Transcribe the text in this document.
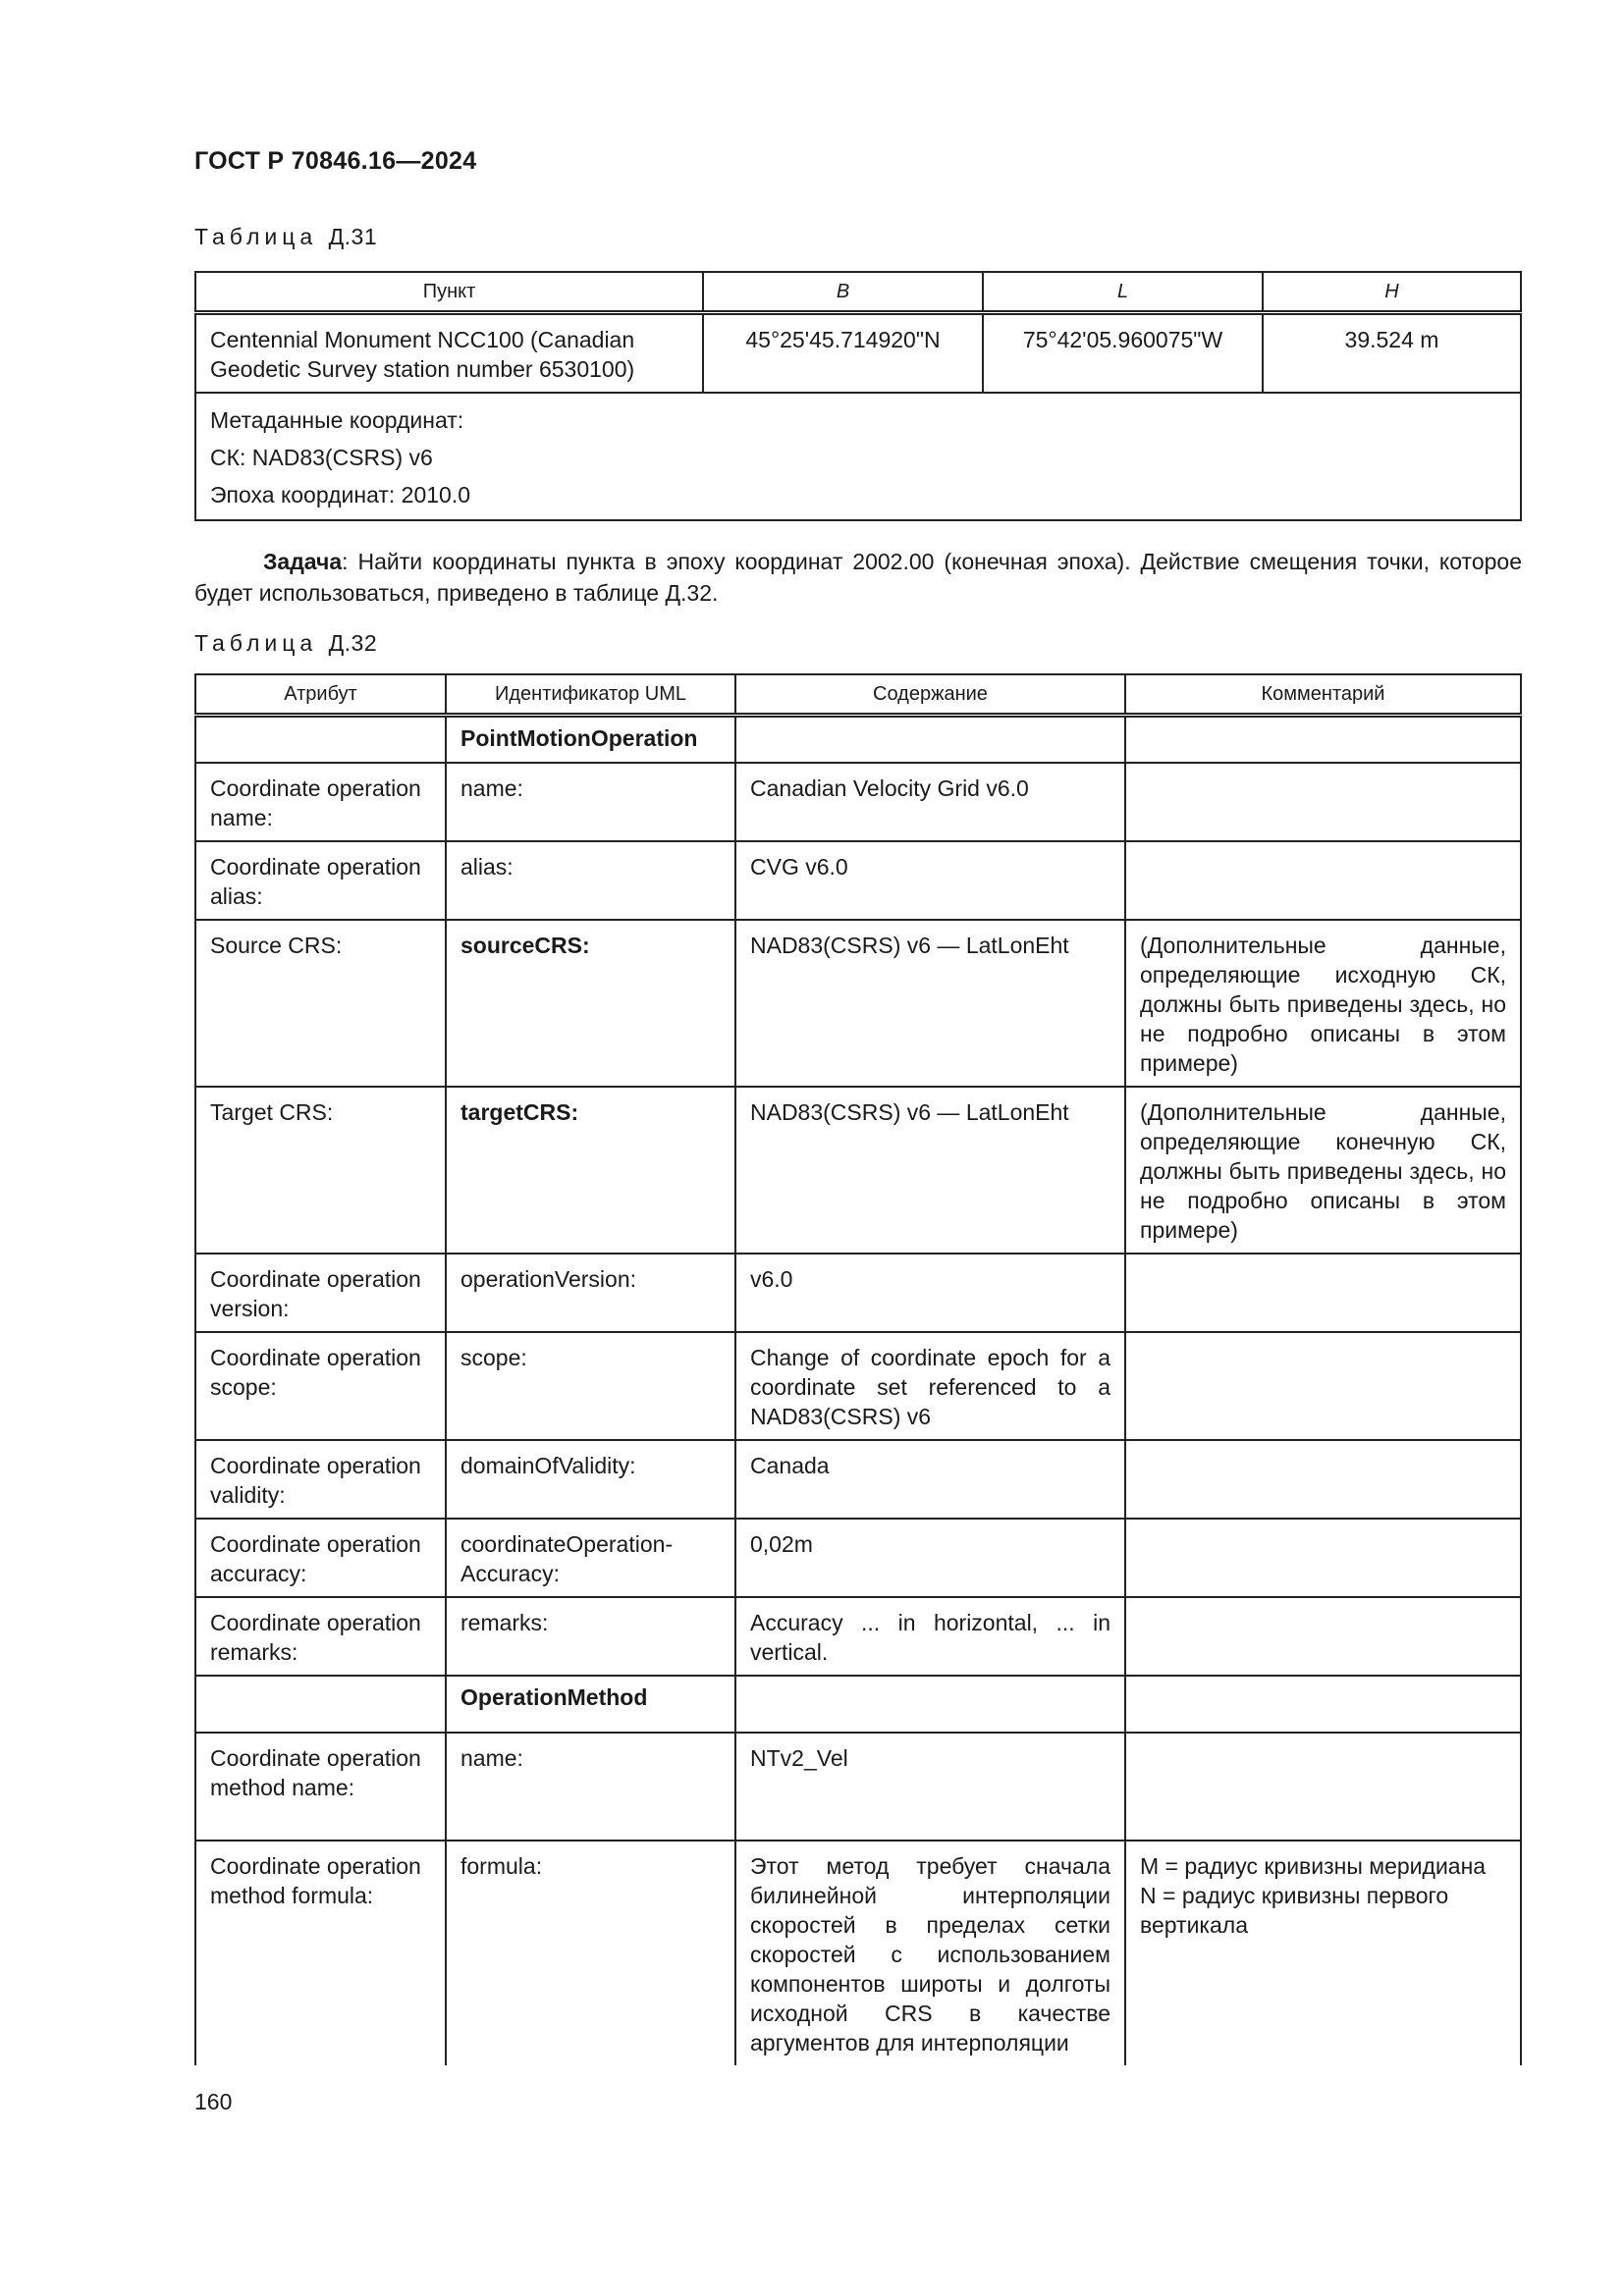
ГОСТ Р 70846.16—2024
Таблица Д.31
Пункт	B	L	H
Centennial Monument NCC100 (Canadian Geodetic Survey station number 6530100)	45°25'45.714920"N	75°42'05.960075"W	39.524 m

Метаданные координат:
СК: NAD83(CSRS) v6
Эпоха координат: 2010.0			
Задача: Найти координаты пункта в эпоху координат 2002.00 (конечная эпоха). Действие смещения точки, которое будет использоваться, приведено в таблице Д.32.
Таблица Д.32
Атрибут	Идентификатор UML	Содержание	Комментарий
	PointMotionOperation		
Coordinate operation name:	name:	Canadian Velocity Grid v6.0	
Coordinate operation alias:	alias:	CVG v6.0	
Source CRS:	sourceCRS:	NAD83(CSRS) v6 — LatLonEht	(Дополнительные данные, определяющие исходную СК, должны быть приведены здесь, но не подробно описаны в этом примере)
Target CRS:	targetCRS:	NAD83(CSRS) v6 — LatLonEht	(Дополнительные данные, определяющие конечную СК, должны быть приведены здесь, но не подробно описаны в этом примере)
Coordinate operation version:	operationVersion:	v6.0	
Coordinate operation scope:	scope:	Change of coordinate epoch for a coordinate set referenced to a NAD83(CSRS) v6	
Coordinate operation validity:	domainOfValidity:	Canada	
Coordinate operation accuracy:	coordinateOperation-Accuracy:	0,02m	
Coordinate operation remarks:	remarks:	Accuracy ... in horizontal, ... in vertical.	
	OperationMethod		
Coordinate operation method name:	name:	NTv2_Vel	
Coordinate operation method formula:	formula:	Этот метод требует сначала билинейной интерполяции скоростей в пределах сетки скоростей с использованием компонентов широты и долготы исходной CRS в качестве аргументов для интерполяции	M = радиус кривизны меридиана N = радиус кривизны первого вертикала
160
